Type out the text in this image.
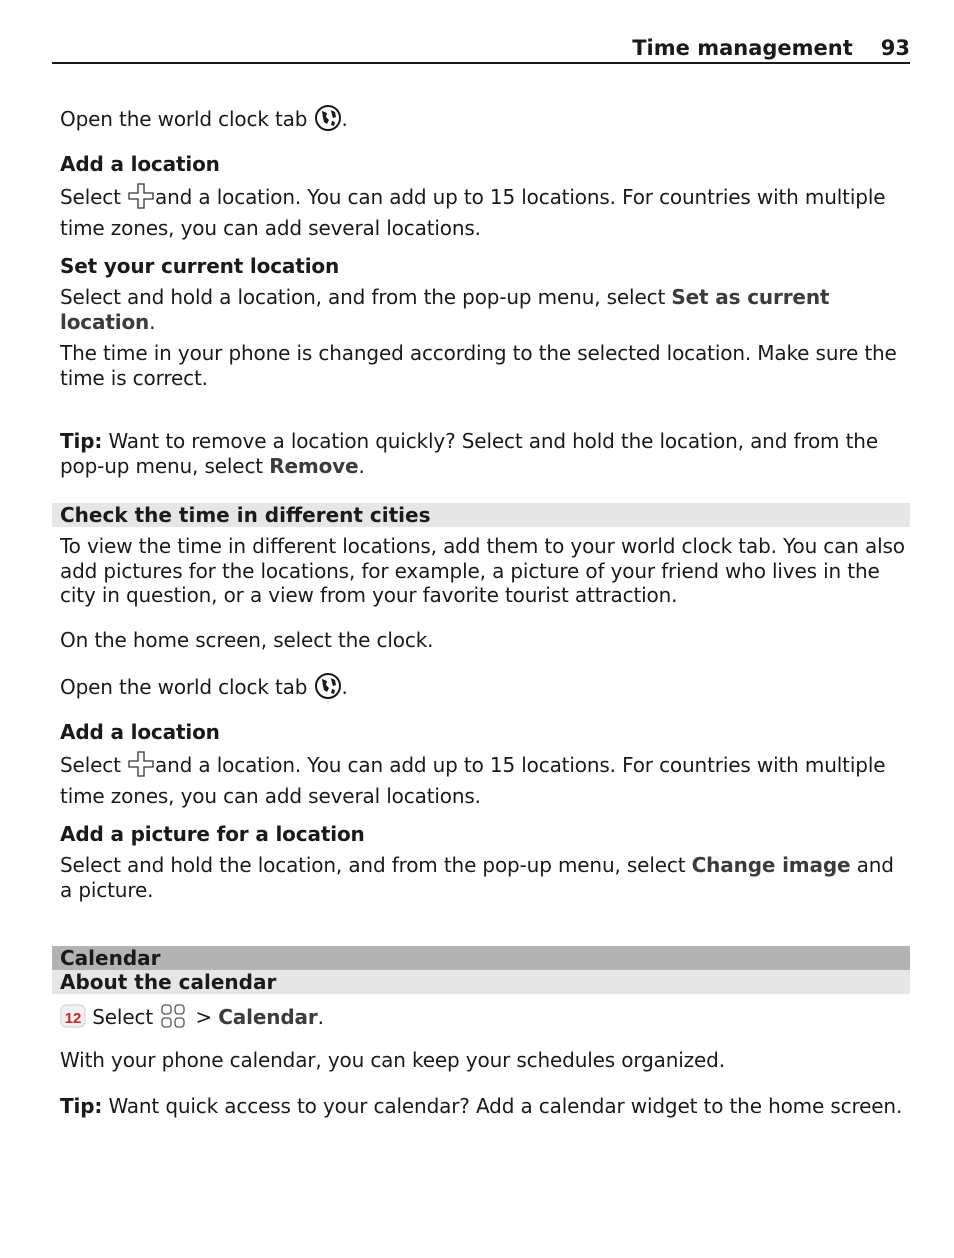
Time management 93

Open the world clock tab .

Add a location

Select and a location. You can add up to 15 locations. For countries with multiple time zones, you can add several locations.

Set your current location

Select and hold a location, and from the pop-up menu, select Set as current location.

The time in your phone is changed according to the selected location. Make sure the time is correct.

Tip: Want to remove a location quickly? Select and hold the location, and from the pop-up menu, select Remove.

Check the time in different cities

To view the time in different locations, add them to your world clock tab. You can also add pictures for the locations, for example, a picture of your friend who lives in the city in question, or a view from your favorite tourist attraction.

On the home screen, select the clock.

Open the world clock tab .

Add a location

Select and a location. You can add up to 15 locations. For countries with multiple time zones, you can add several locations.

Add a picture for a location

Select and hold the location, and from the pop-up menu, select Change image and a picture.

Calendar
About the calendar

12 Select  > Calendar.

With your phone calendar, you can keep your schedules organized.

Tip: Want quick access to your calendar? Add a calendar widget to the home screen.
